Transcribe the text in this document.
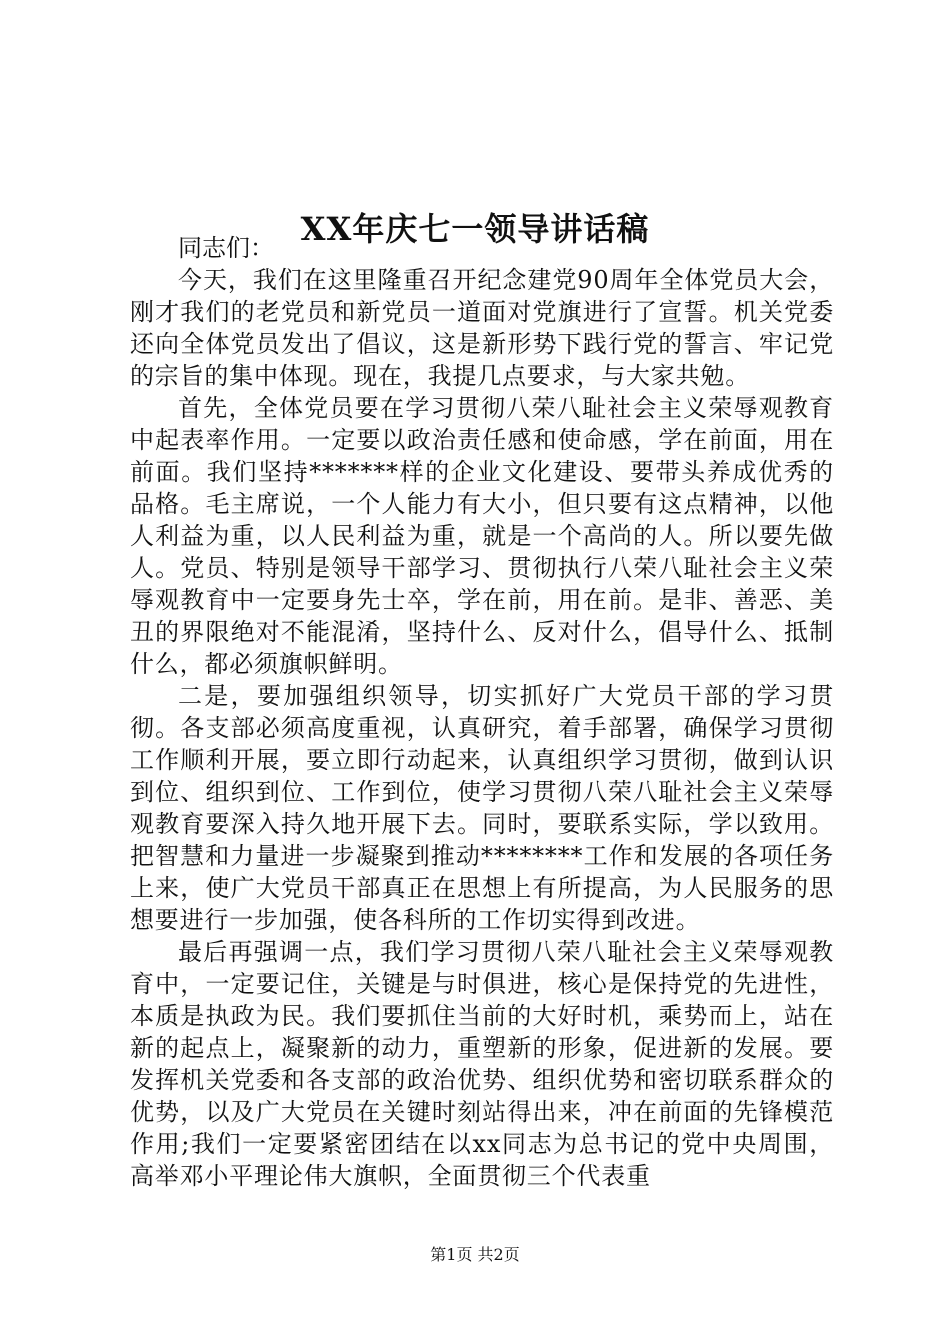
XX年庆七一领导讲话稿

同志们：

今天，我们在这里隆重召开纪念建党90周年全体党员大会，刚才我们的老党员和新党员一道面对党旗进行了宣誓。机关党委还向全体党员发出了倡议，这是新形势下践行党的誓言、牢记党的宗旨的集中体现。现在，我提几点要求，与大家共勉。

首先，全体党员要在学习贯彻八荣八耻社会主义荣辱观教育中起表率作用。一定要以政治责任感和使命感，学在前面，用在前面。我们坚持*******样的企业文化建设、要带头养成优秀的品格。毛主席说，一个人能力有大小，但只要有这点精神，以他人利益为重，以人民利益为重，就是一个高尚的人。所以要先做人。党员、特别是领导干部学习、贯彻执行八荣八耻社会主义荣辱观教育中一定要身先士卒，学在前，用在前。是非、善恶、美丑的界限绝对不能混淆，坚持什么、反对什么，倡导什么、抵制什么，都必须旗帜鲜明。

二是，要加强组织领导，切实抓好广大党员干部的学习贯彻。各支部必须高度重视，认真研究，着手部署，确保学习贯彻工作顺利开展，要立即行动起来，认真组织学习贯彻，做到认识到位、组织到位、工作到位，使学习贯彻八荣八耻社会主义荣辱观教育要深入持久地开展下去。同时，要联系实际，学以致用。把智慧和力量进一步凝聚到推动********工作和发展的各项任务上来，使广大党员干部真正在思想上有所提高，为人民服务的思想要进行一步加强，使各科所的工作切实得到改进。

最后再强调一点，我们学习贯彻八荣八耻社会主义荣辱观教育中，一定要记住，关键是与时俱进，核心是保持党的先进性，本质是执政为民。我们要抓住当前的大好时机，乘势而上，站在新的起点上，凝聚新的动力，重塑新的形象，促进新的发展。要发挥机关党委和各支部的政治优势、组织优势和密切联系群众的优势，以及广大党员在关键时刻站得出来，冲在前面的先锋模范作用;我们一定要紧密团结在以xx同志为总书记的党中央周围，高举邓小平理论伟大旗帜，全面贯彻三个代表重

第1页 共2页
